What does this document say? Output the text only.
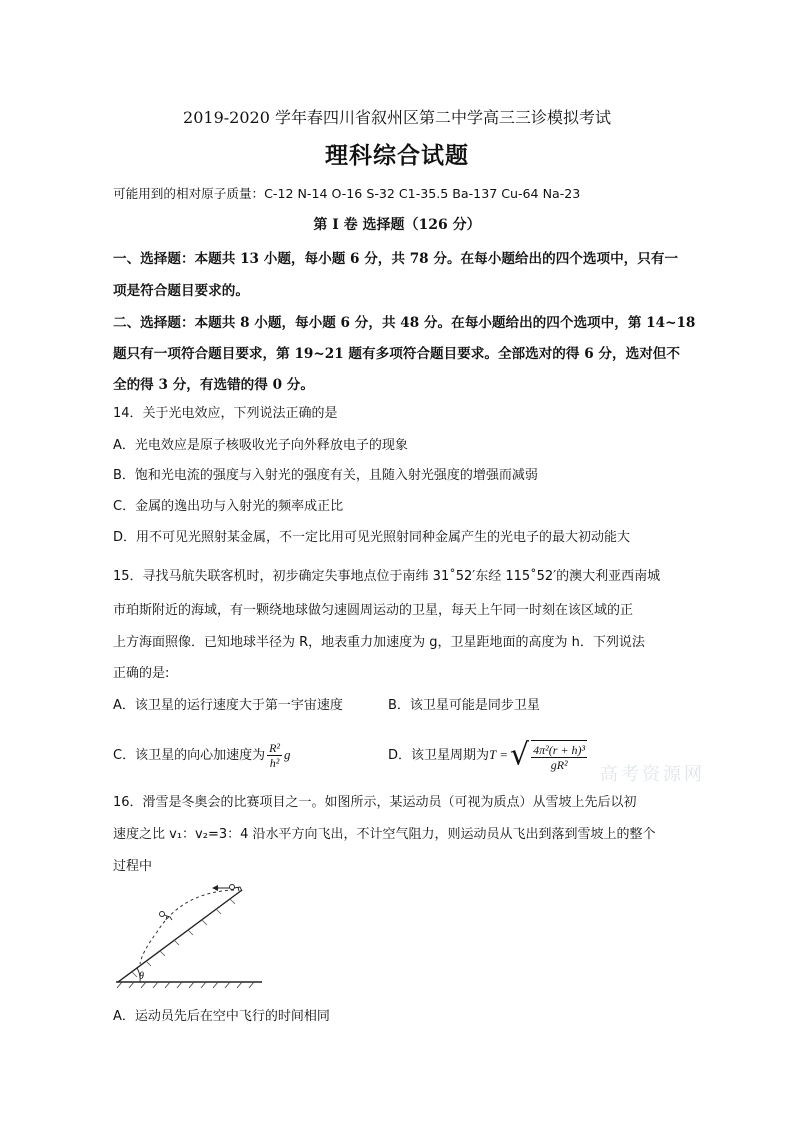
2019-2020 学年春四川省叙州区第二中学高三三诊模拟考试
理科综合试题
可能用到的相对原子质量：C-12 N-14 O-16 S-32 C1-35.5 Ba-137 Cu-64 Na-23
第 I 卷 选择题（126 分）
一、选择题：本题共 13 小题，每小题 6 分，共 78 分。在每小题给出的四个选项中，只有一
项是符合题目要求的。
二、选择题：本题共 8 小题，每小题 6 分，共 48 分。在每小题给出的四个选项中，第 14~18
题只有一项符合题目要求，第 19~21 题有多项符合题目要求。全部选对的得 6 分，选对但不
全的得 3 分，有选错的得 0 分。
14．关于光电效应，下列说法正确的是
A．光电效应是原子核吸收光子向外释放电子的现象
B．饱和光电流的强度与入射光的强度有关，且随入射光强度的增强而减弱
C．金属的逸出功与入射光的频率成正比
D．用不可见光照射某金属，不一定比用可见光照射同种金属产生的光电子的最大初动能大
15．寻找马航失联客机时，初步确定失事地点位于南纬 31˚52′东经 115˚52′的澳大利亚西南城
市珀斯附近的海域，有一颗绕地球做匀速圆周运动的卫星，每天上午同一时刻在该区域的正
上方海面照像．已知地球半径为 R，地表重力加速度为 g，卫星距地面的高度为 h．下列说法
正确的是:
A．该卫星的运行速度大于第一宇宙速度	B．该卫星可能是同步卫星
C．该卫星的向心加速度为 $\frac{\text{R²}}{\text{h²}}$ g	D．该卫星周期为T =√ $\frac{\text{4π²(r + h)³}}{\text{gR²}}$
高考资源网
16．滑雪是冬奥会的比赛项目之一。如图所示，某运动员（可视为质点）从雪坡上先后以初
速度之比 v₁：v₂=3：4 沿水平方向飞出，不计空气阻力，则运动员从飞出到落到雪坡上的整个
过程中
θ
A．运动员先后在空中飞行的时间相同
